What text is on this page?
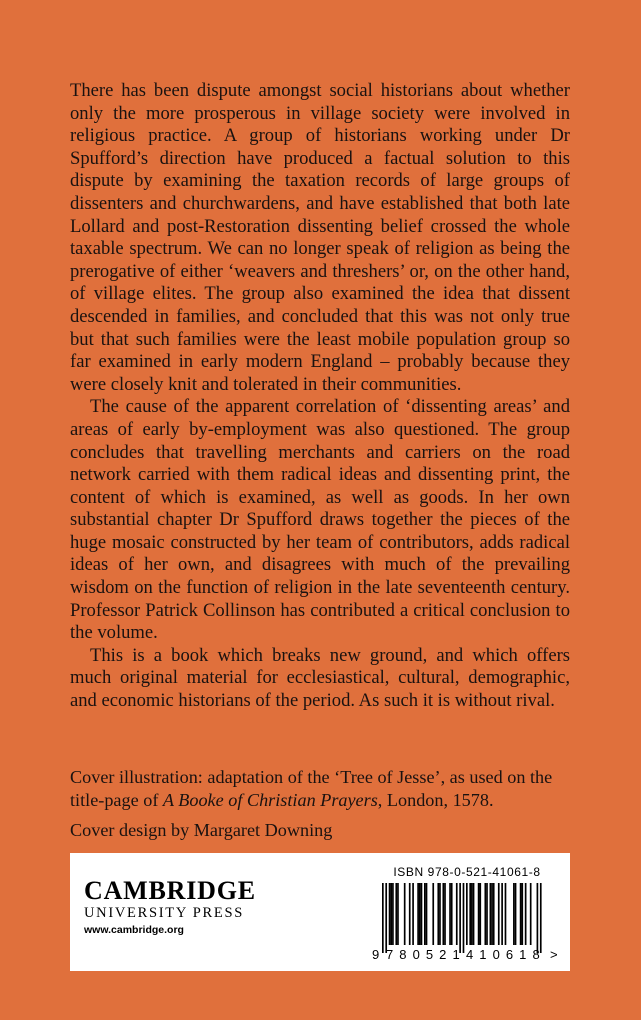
There has been dispute amongst social historians about whether only the more prosperous in village society were involved in religious practice. A group of historians working under Dr Spufford’s direction have produced a factual solution to this dispute by examining the taxation records of large groups of dissenters and churchwardens, and have established that both late Lollard and post-Restoration dissenting belief crossed the whole taxable spectrum. We can no longer speak of religion as being the prerogative of either ‘weavers and threshers’ or, on the other hand, of village elites. The group also examined the idea that dissent descended in families, and concluded that this was not only true but that such families were the least mobile population group so far examined in early modern England – probably because they were closely knit and tolerated in their communities.

The cause of the apparent correlation of ‘dissenting areas’ and areas of early by-employment was also questioned. The group concludes that travelling merchants and carriers on the road network carried with them radical ideas and dissenting print, the content of which is examined, as well as goods. In her own substantial chapter Dr Spufford draws together the pieces of the huge mosaic constructed by her team of contributors, adds radical ideas of her own, and disagrees with much of the prevailing wisdom on the function of religion in the late seventeenth century. Professor Patrick Collinson has contributed a critical conclusion to the volume.

This is a book which breaks new ground, and which offers much original material for ecclesiastical, cultural, demographic, and economic historians of the period. As such it is without rival.

Cover illustration: adaptation of the ‘Tree of Jesse’, as used on the title-page of A Booke of Christian Prayers, London, 1578.

Cover design by Margaret Downing

CAMBRIDGE
UNIVERSITY PRESS
www.cambridge.org
ISBN 978-0-521-41061-8
9 780521 410618 >
